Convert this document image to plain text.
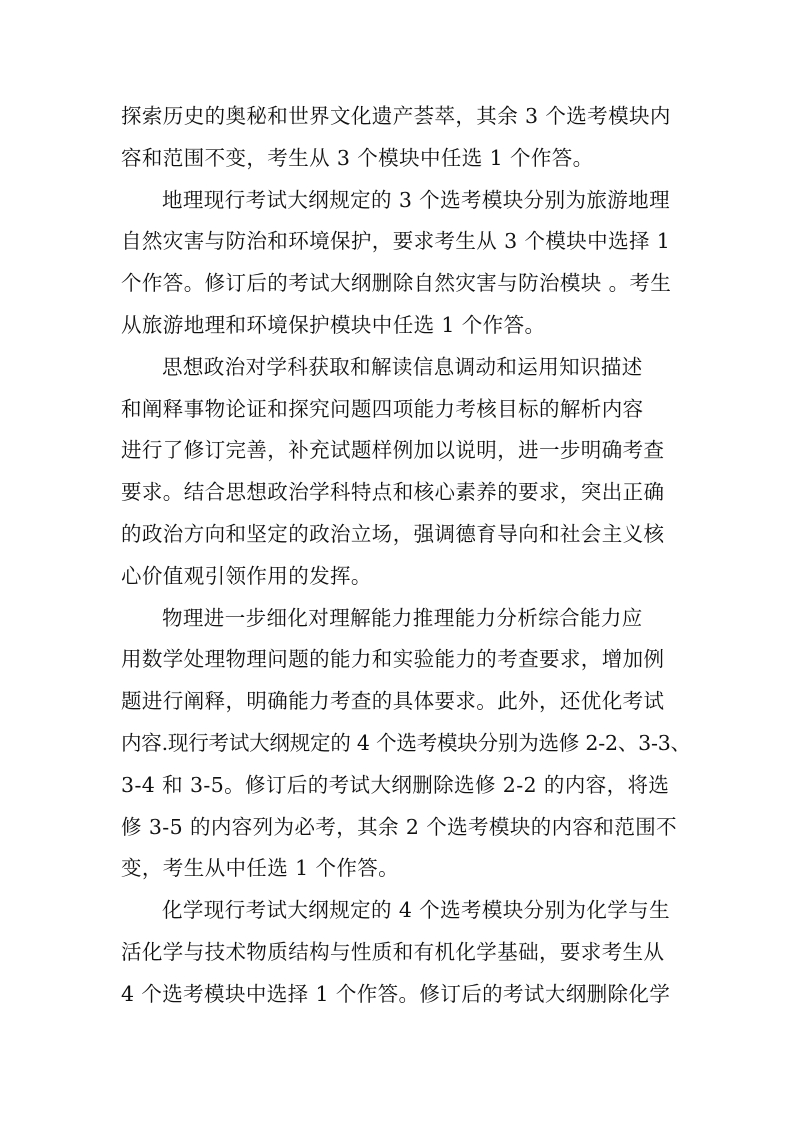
探索历史的奥秘和世界文化遗产荟萃，其余 3 个选考模块内
容和范围不变，考生从 3 个模块中任选 1 个作答。

地理现行考试大纲规定的 3 个选考模块分别为旅游地理
自然灾害与防治和环境保护，要求考生从 3 个模块中选择 1
个作答。修订后的考试大纲删除自然灾害与防治模块 。考生
从旅游地理和环境保护模块中任选 1 个作答。

思想政治对学科获取和解读信息调动和运用知识描述
和阐释事物论证和探究问题四项能力考核目标的解析内容
进行了修订完善，补充试题样例加以说明，进一步明确考查
要求。结合思想政治学科特点和核心素养的要求，突出正确
的政治方向和坚定的政治立场，强调德育导向和社会主义核
心价值观引领作用的发挥。

物理进一步细化对理解能力推理能力分析综合能力应
用数学处理物理问题的能力和实验能力的考查要求，增加例
题进行阐释，明确能力考查的具体要求。此外，还优化考试
内容.现行考试大纲规定的 4 个选考模块分别为选修 2-2、3-3、
3-4 和 3-5。修订后的考试大纲删除选修 2-2 的内容，将选
修 3-5 的内容列为必考，其余 2 个选考模块的内容和范围不
变，考生从中任选 1 个作答。

化学现行考试大纲规定的 4 个选考模块分别为化学与生
活化学与技术物质结构与性质和有机化学基础，要求考生从
4 个选考模块中选择 1 个作答。修订后的考试大纲删除化学
